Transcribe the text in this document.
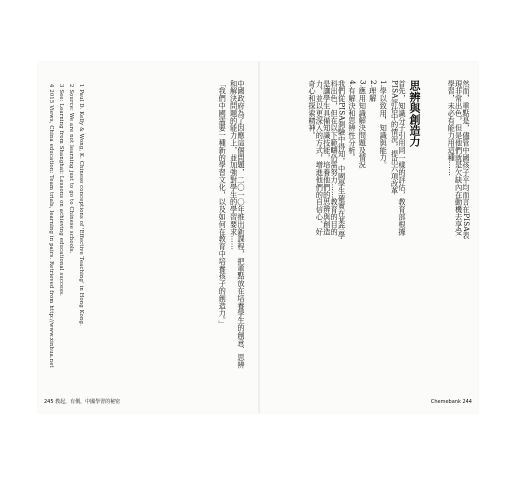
中國政府為了因應這個問題，二〇一〇年推出新課程，把重點放在培養學生的創意、思辨和解決問題的能力上，並加強對學生的學習要求……
「我們中國需要一種新的學習文化，以及如何在教育中培養孩子的創造力。」
1 Paul D. Kelly & Wong, K. Chinese conceptions of 'Effective Teaching' in Hong Kong.
2 Source: We are not learning just to go to Chinese schools.
3 See: Learning from Shanghai: Lessons on achieving educational success.
4 2015 Views, China education: Team trials, learning in pairs. Retrieved from http://www.xinhua.net
245 教起，有價，中國學習的秘密
然而，重點是，儘管中國孩子平均而言在PISA表現非常出色，但是他們就是欠缺內在動機去享受學習，未必有能力用這種……
思辨與創造力
首先，知識分子引用同一樣的評估，教育部根據PISA評估中的情況，提出六項改革
1.學以致用，知識與能力。
2.理解
3.應用知識解決問題及情況
4.有解決和思辨性分析。
我們從PISA測驗中得知，中國學生確實在某些學科出色，但在以下範疇仍需努力……教育的目的是讓學生具備知識技能，培養他們的思辨與創造力，並以更深入的方式，增進他們的自信心、好奇心和探索精神。
Chemebank 244
